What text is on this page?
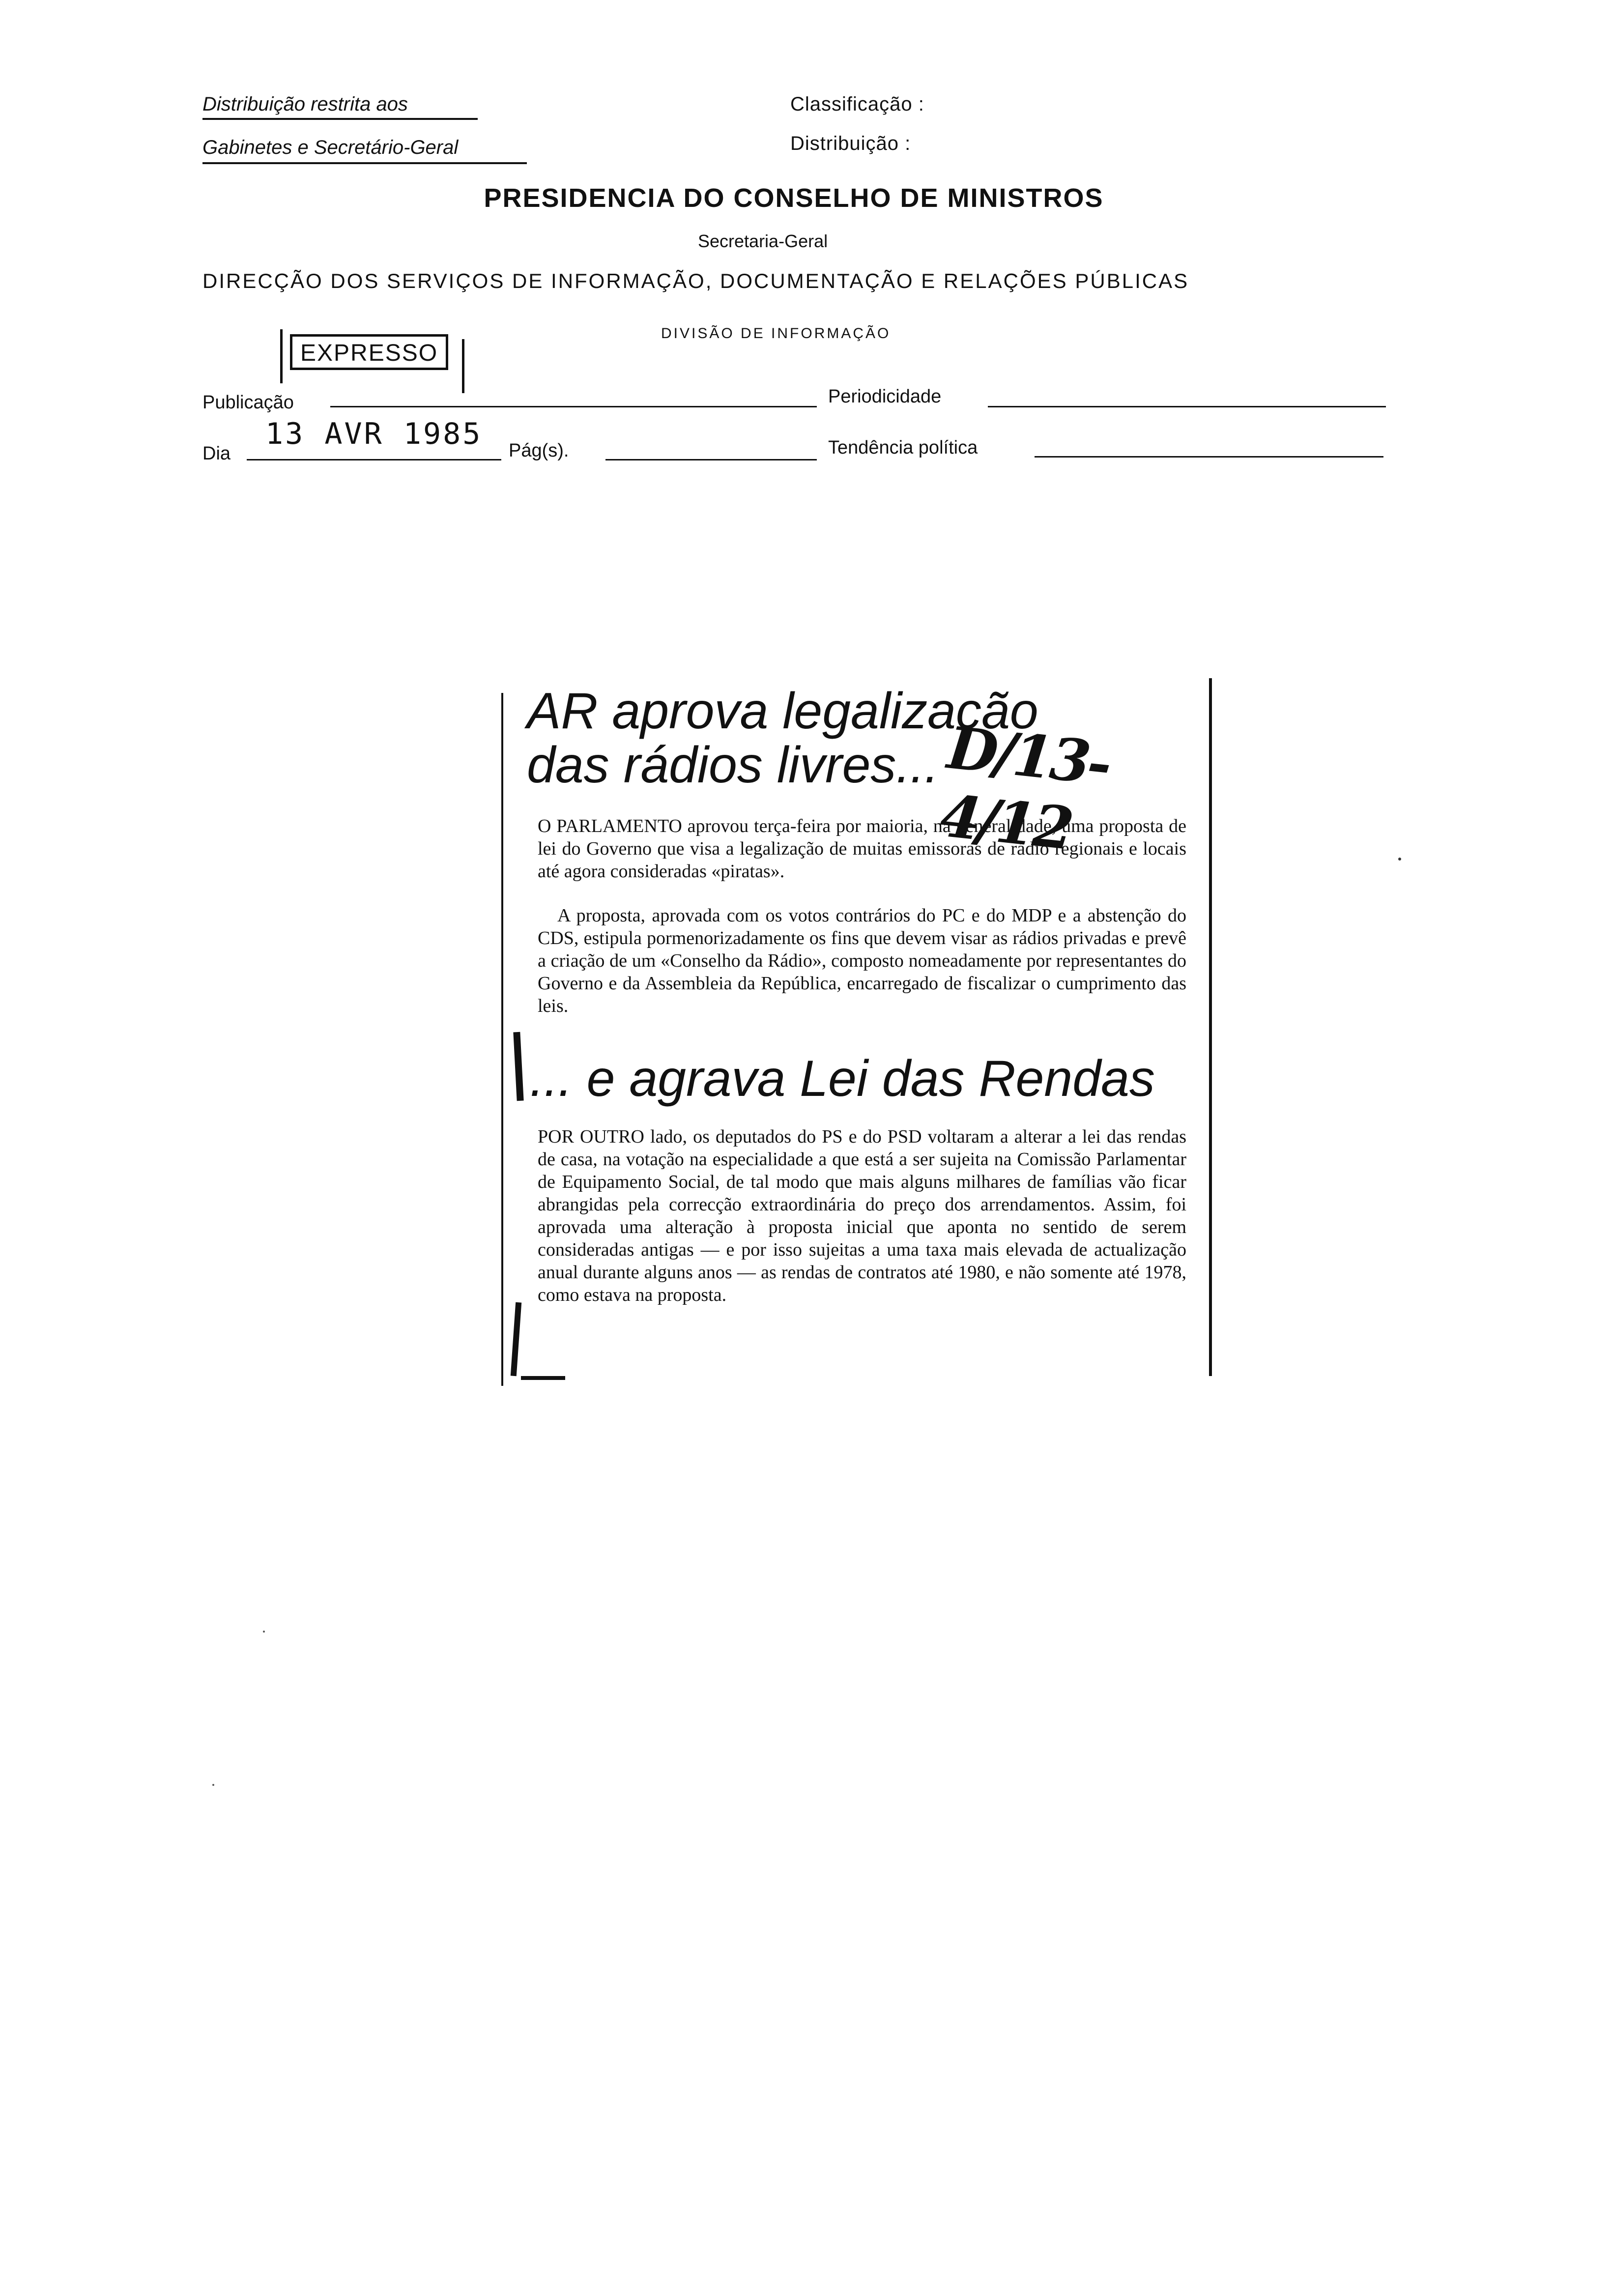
Distribuição restrita aos
Gabinetes e Secretário-Geral
Classificação :
Distribuição :
PRESIDENCIA DO CONSELHO DE MINISTROS
Secretaria-Geral
DIRECÇÃO DOS SERVIÇOS DE INFORMAÇÃO, DOCUMENTAÇÃO E RELAÇÕES PÚBLICAS
DIVISÃO DE INFORMAÇÃO
EXPRESSO
Publicação	Periodicidade
Dia
13 AVR 1985 Pág(s).	Tendência política
AR aprova legalização
das rádios livres... D/13-4/12
O PARLAMENTO aprovou terça-feira por maioria, na generalidade, uma proposta de lei do Governo que visa a legalização de muitas emissoras de rádio regionais e locais até agora consideradas «piratas».
A proposta, aprovada com os votos contrários do PC e do MDP e a abstenção do CDS, estipula pormenorizadamente os fins que devem visar as rádios privadas e prevê a criação de um «Conselho da Rádio», composto nomeadamente por representantes do Governo e da Assembleia da República, encarregado de fiscalizar o cumprimento das leis.
... e agrava Lei das Rendas
POR OUTRO lado, os deputados do PS e do PSD voltaram a alterar a lei das rendas de casa, na votação na especialidade a que está a ser sujeita na Comissão Parlamentar de Equipamento Social, de tal modo que mais alguns milhares de famílias vão ficar abrangidas pela correcção extraordinária do preço dos arrendamentos. Assim, foi aprovada uma alteração à proposta inicial que aponta no sentido de serem consideradas antigas — e por isso sujeitas a uma taxa mais elevada de actualização anual durante alguns anos — as rendas de contratos até 1980, e não somente até 1978, como estava na proposta.
